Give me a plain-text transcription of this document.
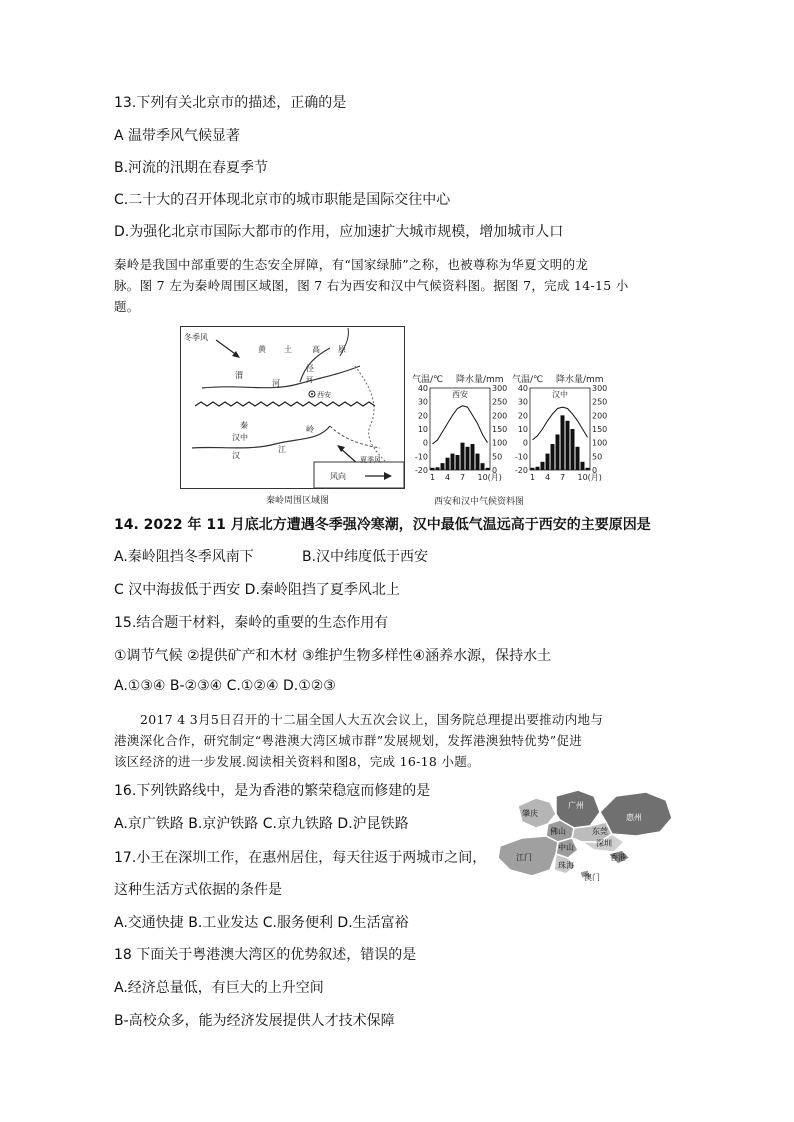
13.下列有关北京市的描述，正确的是
A 温带季风气候显著
B.河流的汛期在春夏季节
C.二十大的召开体现北京市的城市职能是国际交往中心
D.为强化北京市国际大都市的作用，应加速扩大城市规模，增加城市人口
秦岭是我国中部重要的生态安全屏障，有“国家绿肺”之称，也被尊称为华夏文明的龙
脉。图 7 左为秦岭周围区域图，图 7 右为西安和汉中气候资料图。据图 7，完成 14-15 小
题。
冬季风
黄 土	高 原
泾
渭
河	河
西安
秦	岭
汉中
汉
江
夏季风
风向
秦岭周围区域图
气温/℃ 降水量/mm 气温/℃ 降水量/mm
40
30
20
10
0
-10
-20
300
250
200
150
100
50
0
西安
1 4 7 10(月)
40
30
20
10
0
-10
-20
300
250
200
150
100
50
0
汉中
1 4 7 10(月)
西安和汉中气候资料图
14. 2022 年 11 月底北方遭遇冬季强冷寒潮，汉中最低气温远高于西安的主要原因是
A.秦岭阻挡冬季风南下	B.汉中纬度低于西安
C 汉中海拔低于西安 D.秦岭阻挡了夏季风北上
15.结合题干材料，秦岭的重要的生态作用有
①调节气候 ②提供矿产和木材 ③维护生物多样性④涵养水源，保持水土
A.①③④ B-②③④ C.①②④ D.①②③
2017 4 3月5日召开的十二届全国人大五次会议上，国务院总理提出要推动内地与
港澳深化合作，研究制定“粤港澳大湾区城市群”发展规划，发挥港澳独特优势”促进
该区经济的进一步发展.阅读相关资料和图8，完成 16-18 小题。
16.下列铁路线中，是为香港的繁荣稳寇而修建的是
A.京广铁路 B.京沪铁路 C.京九铁路 D.沪昆铁路
肇庆
广州
佛山	东莞
惠州
中山	深圳
江门	香港
珠海
澳门
17.小王在深圳工作，在惠州居住，每天往返于两城市之间，
这种生活方式依据的条件是
A.交通快捷 B.工业发达 C.服务便利 D.生活富裕
18 下面关于粤港澳大湾区的优势叙述，错误的是
A.经济总量低，有巨大的上升空间
B-高校众多，能为经济发展提供人才技术保障
